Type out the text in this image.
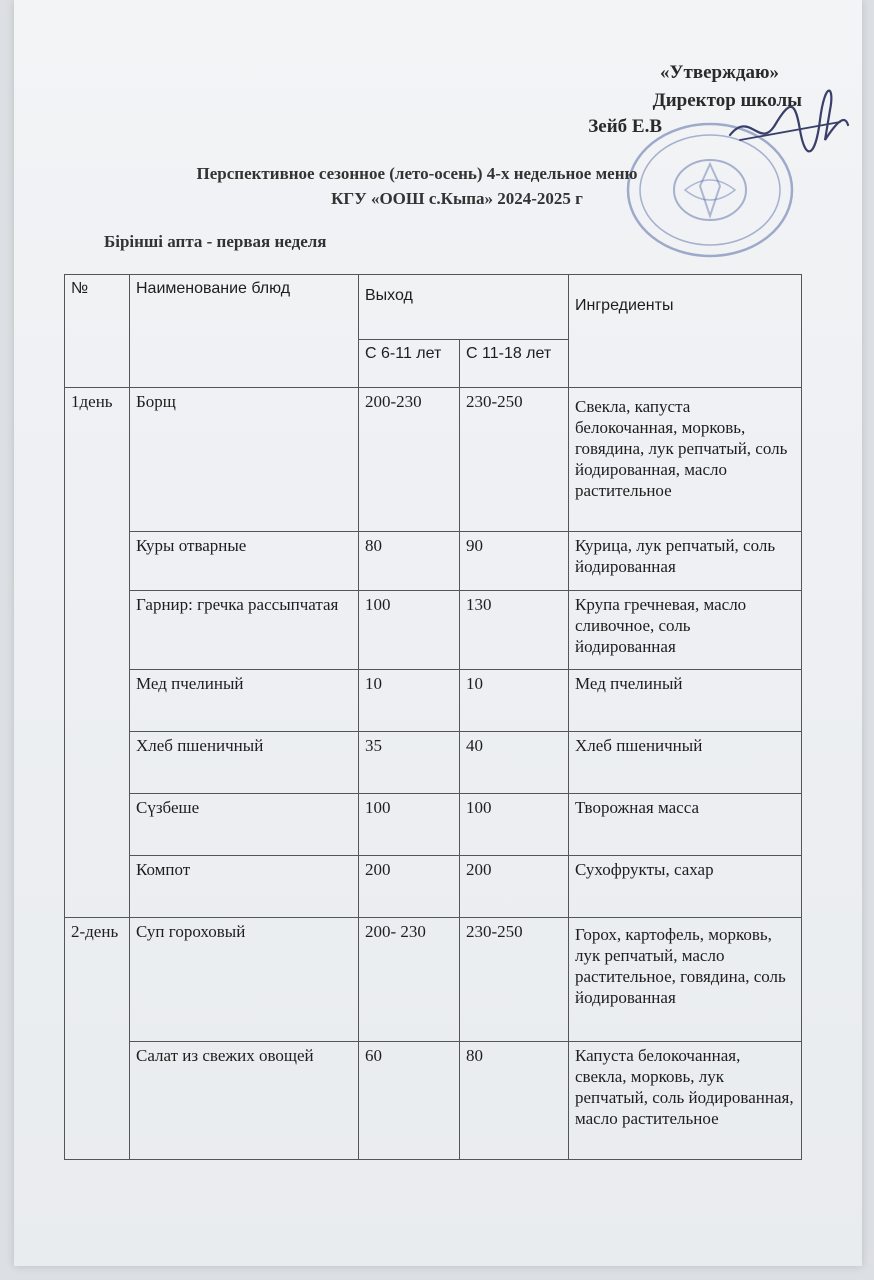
«Утверждаю»
Директор школы
Зейб Е.В
Перспективное сезонное (лето-осень) 4-х недельное меню
КГУ «ООШ с.Кыпа» 2024-2025 г
Бірінші апта - первая неделя
№	Наименование блюд	Выход		Ингредиенты
		С 6-11 лет	С 11-18 лет	
1день	Борщ	200-230	230-250	Свекла, капуста белокочанная, морковь, говядина, лук репчатый, соль йодированная, масло растительное
	Куры отварные	80	90	Курица, лук репчатый, соль йодированная
	Гарнир: гречка рассыпчатая	100	130	Крупа гречневая, масло сливочное, соль йодированная
	Мед пчелиный	10	10	Мед пчелиный
	Хлеб пшеничный	35	40	Хлеб пшеничный
	Сүзбеше	100	100	Творожная масса
	Компот	200	200	Сухофрукты, сахар
2-день	Суп гороховый	200- 230	230-250	Горох, картофель, морковь, лук репчатый, масло растительное, говядина, соль йодированная
	Салат из свежих овощей	60	80	Капуста белокочанная, свекла, морковь, лук репчатый, соль йодированная, масло растительное
